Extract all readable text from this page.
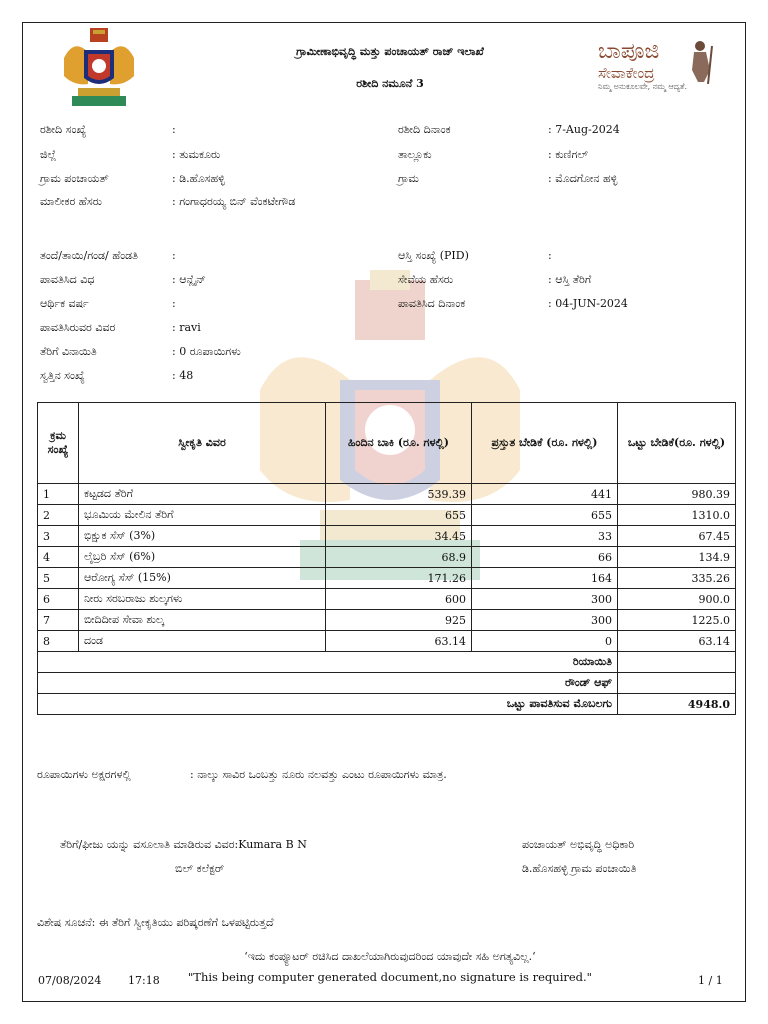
ಗ್ರಾಮೀಣಾಭಿವೃದ್ಧಿ ಮತ್ತು ಪಂಚಾಯತ್ ರಾಜ್ ಇಲಾಖೆ
ರಶೀದಿ ನಮೂನೆ 3
ಬಾಪೂಜಿ
ಸೇವಾಕೇಂದ್ರ
ನಿಮ್ಮ ಅನುಕೂಲವೇ, ನಮ್ಮ ಆದ್ಯತೆ.
ರಶೀದಿ ಸಂಖ್ಯೆ	:	ರಶೀದಿ ದಿನಾಂಕ	: 7-Aug-2024
ಜಿಲ್ಲೆ	: ತುಮಕೂರು	ತಾಲ್ಲೂಕು	: ಕುಣಿಗಲ್
ಗ್ರಾಮ ಪಂಚಾಯತ್	: ಡಿ.ಹೊಸಹಳ್ಳಿ	ಗ್ರಾಮ	: ಮೊದಗೋನ ಹಳ್ಳಿ
ಮಾಲೀಕರ ಹೆಸರು	: ಗಂಗಾಧರಯ್ಯ ಬಿನ್ ವೆಂಕಟೇಗೌಡ
ತಂದೆ/ತಾಯಿ/ಗಂಡ/ ಹೆಂಡತಿ	:	ಆಸ್ತಿ ಸಂಖ್ಯೆ (PID)	:
ಪಾವತಿಸಿದ ವಿಧ	: ಆನ್ಲೈನ್	ಸೇವೆಯ ಹೆಸರು	: ಆಸ್ತಿ ತೆರಿಗೆ
ಆರ್ಥಿಕ ವರ್ಷ	:	ಪಾವತಿಸಿದ ದಿನಾಂಕ	: 04-JUN-2024
ಪಾವತಿಸಿರುವರ ವಿವರ	: ravi
ತೆರಿಗೆ ವಿನಾಯಿತಿ	: 0 ರೂಪಾಯಿಗಳು
ಸ್ವತ್ತಿನ ಸಂಖ್ಯೆ	: 48
ಕ್ರಮ ಸಂಖ್ಯೆ	ಸ್ವೀಕೃತಿ ವಿವರ	ಹಿಂದಿನ ಬಾಕಿ (ರೂ. ಗಳಲ್ಲಿ)	ಪ್ರಸ್ತುತ ಬೇಡಿಕೆ (ರೂ. ಗಳಲ್ಲಿ)	ಒಟ್ಟು ಬೇಡಿಕೆ(ರೂ. ಗಳಲ್ಲಿ)
1	ಕಟ್ಟಡದ ತೆರಿಗೆ	539.39	441	980.39
2	ಭೂಮಿಯ ಮೇಲಿನ ತೆರಿಗೆ	655	655	1310.0
3	ಭಿಕ್ಷುಕ ಸೆಸ್ (3%)	34.45	33	67.45
4	ಲೈಬ್ರರಿ ಸೆಸ್ (6%)	68.9	66	134.9
5	ಆರೋಗ್ಯ ಸೆಸ್ (15%)	171.26	164	335.26
6	ನೀರು ಸರಬರಾಜು ಶುಲ್ಕಗಳು	600	300	900.0
7	ಬೀದಿದೀಪ ಸೇವಾ ಶುಲ್ಕ	925	300	1225.0
8	ದಂಡ	63.14	0	63.14
ರಿಯಾಯಿತಿ				
ರೌಂಡ್ ಆಫ್				
ಒಟ್ಟು ಪಾವತಿಸುವ ಮೊಬಲಗು				4948.0
ರೂಪಾಯಿಗಳು ಅಕ್ಷರಗಳಲ್ಲಿ	: ನಾಲ್ಕು ಸಾವಿರ ಒಂಬತ್ತು ನೂರು ನಲವತ್ತು ಎಂಟು ರೂಪಾಯಿಗಳು ಮಾತ್ರ.
ತೆರಿಗೆ/ಫೀಜು ಯನ್ನು ವಸೂಲಾತಿ ಮಾಡಿರುವ ವಿವರ:Kumara B N
ಬಿಲ್ ಕಲೆಕ್ಟರ್
ಪಂಚಾಯತ್ ಅಭಿವೃದ್ಧಿ ಅಧಿಕಾರಿ
ಡಿ.ಹೊಸಹಳ್ಳಿ ಗ್ರಾಮ ಪಂಚಾಯಿತಿ
ವಿಶೇಷ ಸೂಚನೆ: ಈ ತೆರಿಗೆ ಸ್ವೀಕೃತಿಯು ಪರಿಷ್ಕರಣೆಗೆ ಒಳಪಟ್ಟಿರುತ್ತದೆ
‘ಇದು ಕಂಪ್ಯೂಟರ್ ರಚಿಸಿದ ದಾಖಲೆಯಾಗಿರುವುದರಿಂದ ಯಾವುದೇ ಸಹಿ ಅಗತ್ಯವಿಲ್ಲ.‘
"This being computer generated document,no signature is required."
07/08/2024 17:18	1 / 1
